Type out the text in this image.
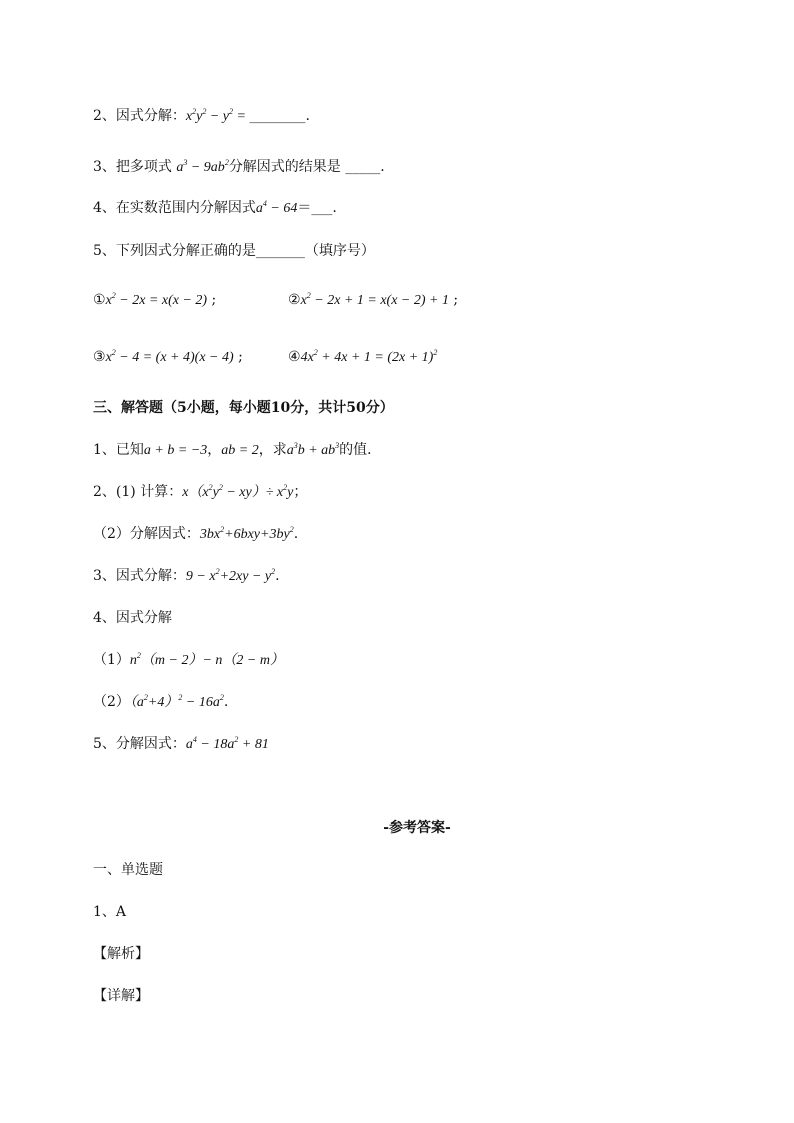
2、因式分解：$x^2y^2 - y^2$ = ________.
3、把多项式 $a^3 - 9ab^2$分解因式的结果是 _____.
4、在实数范围内分解因式$a^4$ − 64＝___.
5、下列因式分解正确的是_______（填序号）
$①x^2 - 2x = x(x - 2)$ ;	$②x^2 - 2x + 1 = x(x - 2) + 1$ ;
$③x^2 - 4 = (x + 4)(x - 4)$ ;	$④4x^2 + 4x + 1 = (2x + 1)^2$
三、解答题（5小题，每小题10分，共计50分）
1、已知a + b = −3，ab = 2，求$a^3b + ab^3$的值．
2、(1) 计算：$x(x^2y^2 - xy)\div x^2y$；
（2）分解因式：$3bx^2+6bxy+3by^2$.
3、因式分解：$9 - x^2+2xy - y^2$.
4、因式分解
$(1)n^2(m - 2)- n(2 - m)$
$(2)(a^2+4)^2 - 16a^2$.
5、分解因式：$a^4 - 18a^2 + 81$
-参考答案-
一、单选题
1、A
【解析】
【详解】
